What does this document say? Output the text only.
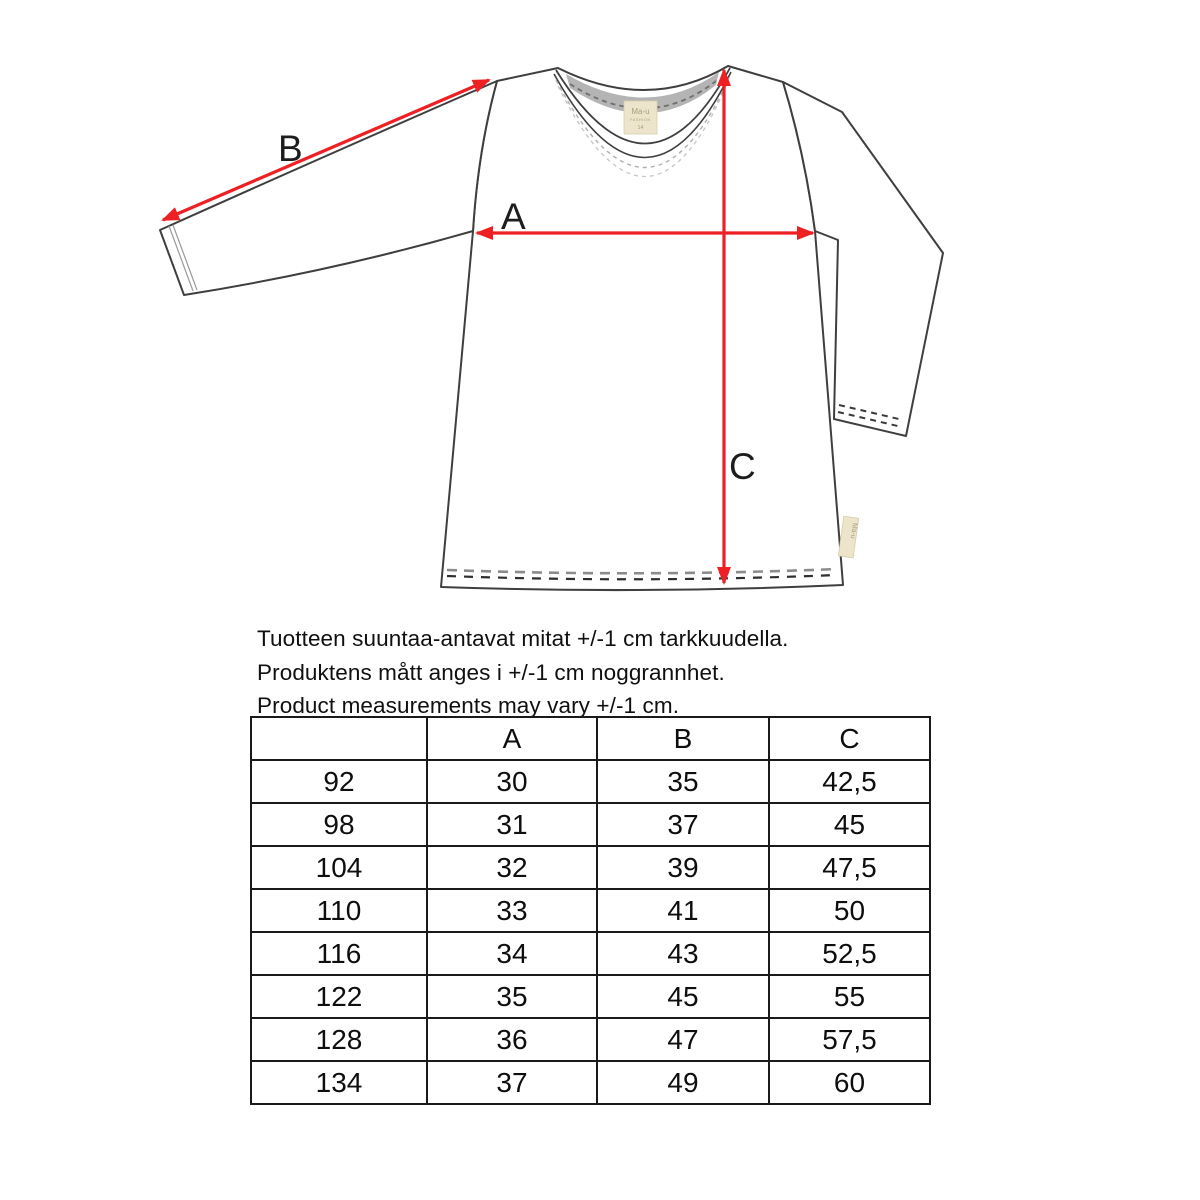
Ma-u
FASHION
14
Ma-u
B
A
C
Tuotteen suuntaa-antavat mitat +/-1 cm tarkkuudella.
Produktens mått anges i +/-1 cm noggrannhet.
Product measurements may vary +/-1 cm.
	A	B	C
92	30	35	42,5
98	31	37	45
104	32	39	47,5
110	33	41	50
116	34	43	52,5
122	35	45	55
128	36	47	57,5
134	37	49	60
